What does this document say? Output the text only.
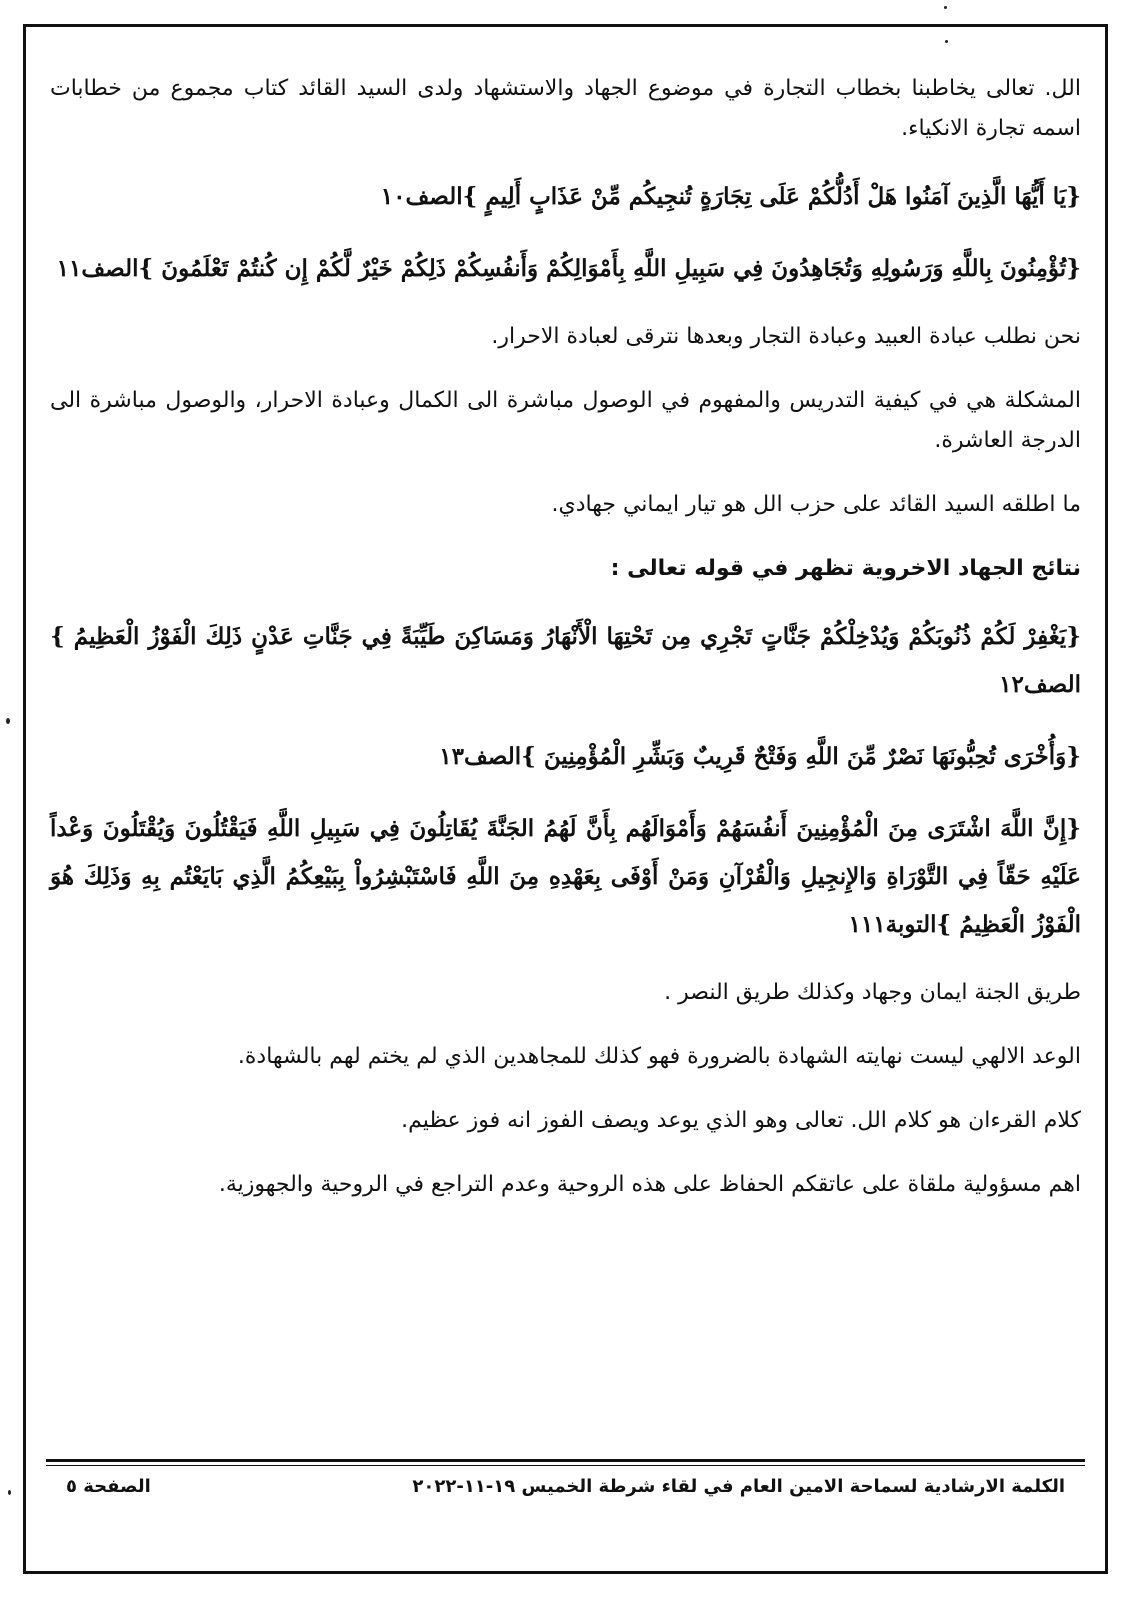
الل. تعالى يخاطبنا بخطاب التجارة في موضوع الجهاد والاستشهاد ولدى السيد القائد كتاب مجموع من خطابات اسمه تجارة الانكياء.

{يَا أَيُّهَا الَّذِينَ آمَنُوا هَلْ أَدُلُّكُمْ عَلَى تِجَارَةٍ تُنجِيكُم مِّنْ عَذَابٍ أَلِيمٍ }الصف١٠

{تُؤْمِنُونَ بِاللَّهِ وَرَسُولِهِ وَتُجَاهِدُونَ فِي سَبِيلِ اللَّهِ بِأَمْوَالِكُمْ وَأَنفُسِكُمْ ذَلِكُمْ خَيْرٌ لَّكُمْ إِن كُنتُمْ تَعْلَمُونَ }الصف١١

نحن نطلب عبادة العبيد وعبادة التجار وبعدها نترقى لعبادة الاحرار.

المشكلة هي في كيفية التدريس والمفهوم في الوصول مباشرة الى الكمال وعبادة الاحرار، والوصول مباشرة الى الدرجة العاشرة.

ما اطلقه السيد القائد على حزب الل هو تيار ايماني جهادي.

نتائج الجهاد الاخروية تظهر في قوله تعالى :

{يَغْفِرْ لَكُمْ ذُنُوبَكُمْ وَيُدْخِلْكُمْ جَنَّاتٍ تَجْرِي مِن تَحْتِهَا الْأَنْهَارُ وَمَسَاكِنَ طَيِّبَةً فِي جَنَّاتِ عَدْنٍ ذَلِكَ الْفَوْزُ الْعَظِيمُ }الصف١٢

{وَأُخْرَى تُحِبُّونَهَا نَصْرٌ مِّنَ اللَّهِ وَفَتْحٌ قَرِيبٌ وَبَشِّرِ الْمُؤْمِنِينَ }الصف١٣

{إِنَّ اللَّهَ اشْتَرَى مِنَ الْمُؤْمِنِينَ أَنفُسَهُمْ وَأَمْوَالَهُم بِأَنَّ لَهُمُ الجَنَّةَ يُقَاتِلُونَ فِي سَبِيلِ اللَّهِ فَيَقْتُلُونَ وَيُقْتَلُونَ وَعْداً عَلَيْهِ حَقّاً فِي التَّوْرَاةِ وَالإِنجِيلِ وَالْقُرْآنِ وَمَنْ أَوْفَى بِعَهْدِهِ مِنَ اللَّهِ فَاسْتَبْشِرُواْ بِبَيْعِكُمُ الَّذِي بَايَعْتُم بِهِ وَذَلِكَ هُوَ الْفَوْزُ الْعَظِيمُ }التوبة١١١

طريق الجنة ايمان وجهاد وكذلك طريق النصر .

الوعد الالهي ليست نهايته الشهادة بالضرورة فهو كذلك للمجاهدين الذي لم يختم لهم بالشهادة.

كلام القرءان هو كلام الل. تعالى وهو الذي يوعد ويصف الفوز انه فوز عظيم.

اهم مسؤولية ملقاة على عاتقكم الحفاظ على هذه الروحية وعدم التراجع في الروحية والجهوزية.

الكلمة الارشادية لسماحة الامين العام في لقاء شرطة الخميس ١٩-١١-٢٠٢٢
الصفحة ٥
